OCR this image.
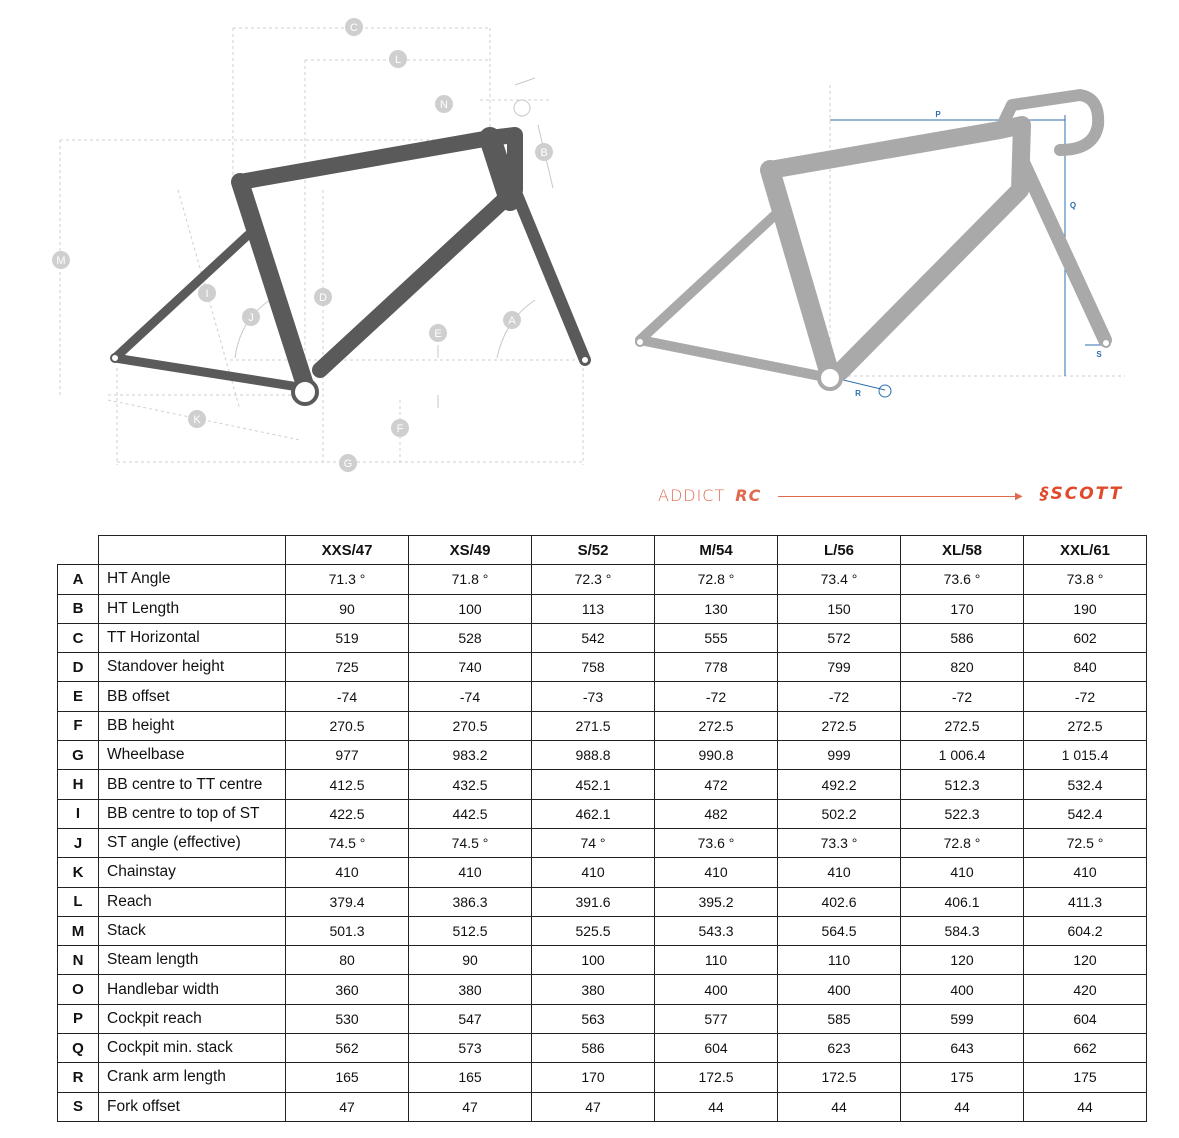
C
L
N
B
M
I
J
D
E
A
K
F
G
P
Q
R
S
ADDICT RC	▶ §SCOTT
		XXS/47	XS/49	S/52	M/54	L/56	XL/58	XXL/61
A	HT Angle	71.3 °	71.8 °	72.3 °	72.8 °	73.4 °	73.6 °	73.8 °
B	HT Length	90	100	113	130	150	170	190
C	TT Horizontal	519	528	542	555	572	586	602
D	Standover height	725	740	758	778	799	820	840
E	BB offset	-74	-74	-73	-72	-72	-72	-72
F	BB height	270.5	270.5	271.5	272.5	272.5	272.5	272.5
G	Wheelbase	977	983.2	988.8	990.8	999	1 006.4	1 015.4
H	BB centre to TT centre	412.5	432.5	452.1	472	492.2	512.3	532.4
I	BB centre to top of ST	422.5	442.5	462.1	482	502.2	522.3	542.4
J	ST angle (effective)	74.5 °	74.5 °	74 °	73.6 °	73.3 °	72.8 °	72.5 °
K	Chainstay	410	410	410	410	410	410	410
L	Reach	379.4	386.3	391.6	395.2	402.6	406.1	411.3
M	Stack	501.3	512.5	525.5	543.3	564.5	584.3	604.2
N	Steam length	80	90	100	110	110	120	120
O	Handlebar width	360	380	380	400	400	400	420
P	Cockpit reach	530	547	563	577	585	599	604
Q	Cockpit min. stack	562	573	586	604	623	643	662
R	Crank arm length	165	165	170	172.5	172.5	175	175
S	Fork offset	47	47	47	44	44	44	44
